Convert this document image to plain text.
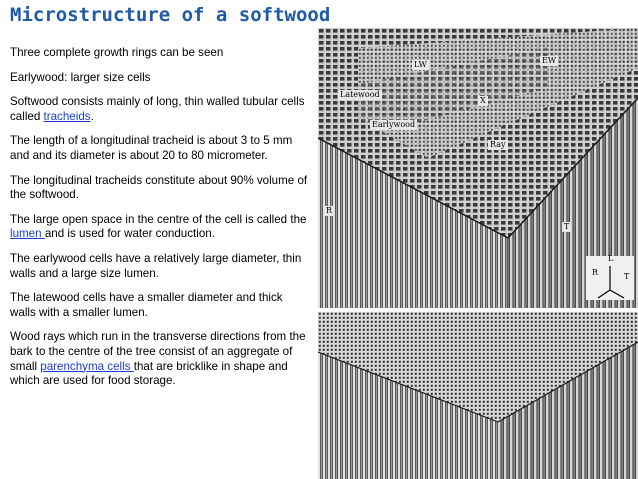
Microstructure of a softwood

Three complete growth rings can be seen

Earlywood: larger size cells

Softwood consists mainly of long, thin walled tubular cells called tracheids.

The length of a longitudinal tracheid is about 3 to 5 mm and and its diameter is about 20 to 80 micrometer.

The longitudinal tracheids constitute about 90% volume of the softwood.

The large open space in the centre of the cell is called the lumen and is used for water conduction.

The earlywood cells have a relatively large diameter, thin walls and a large size lumen.

The latewood cells have a smaller diameter and thick walls with a smaller lumen.

Wood rays which run in the transverse directions from the bark to the centre of the tree consist of an aggregate of small parenchyma cells that are bricklike in shape and which are used for food storage.

LW	EW
Latewood
X
Earlywood
Ray
R
T
R
L
T
